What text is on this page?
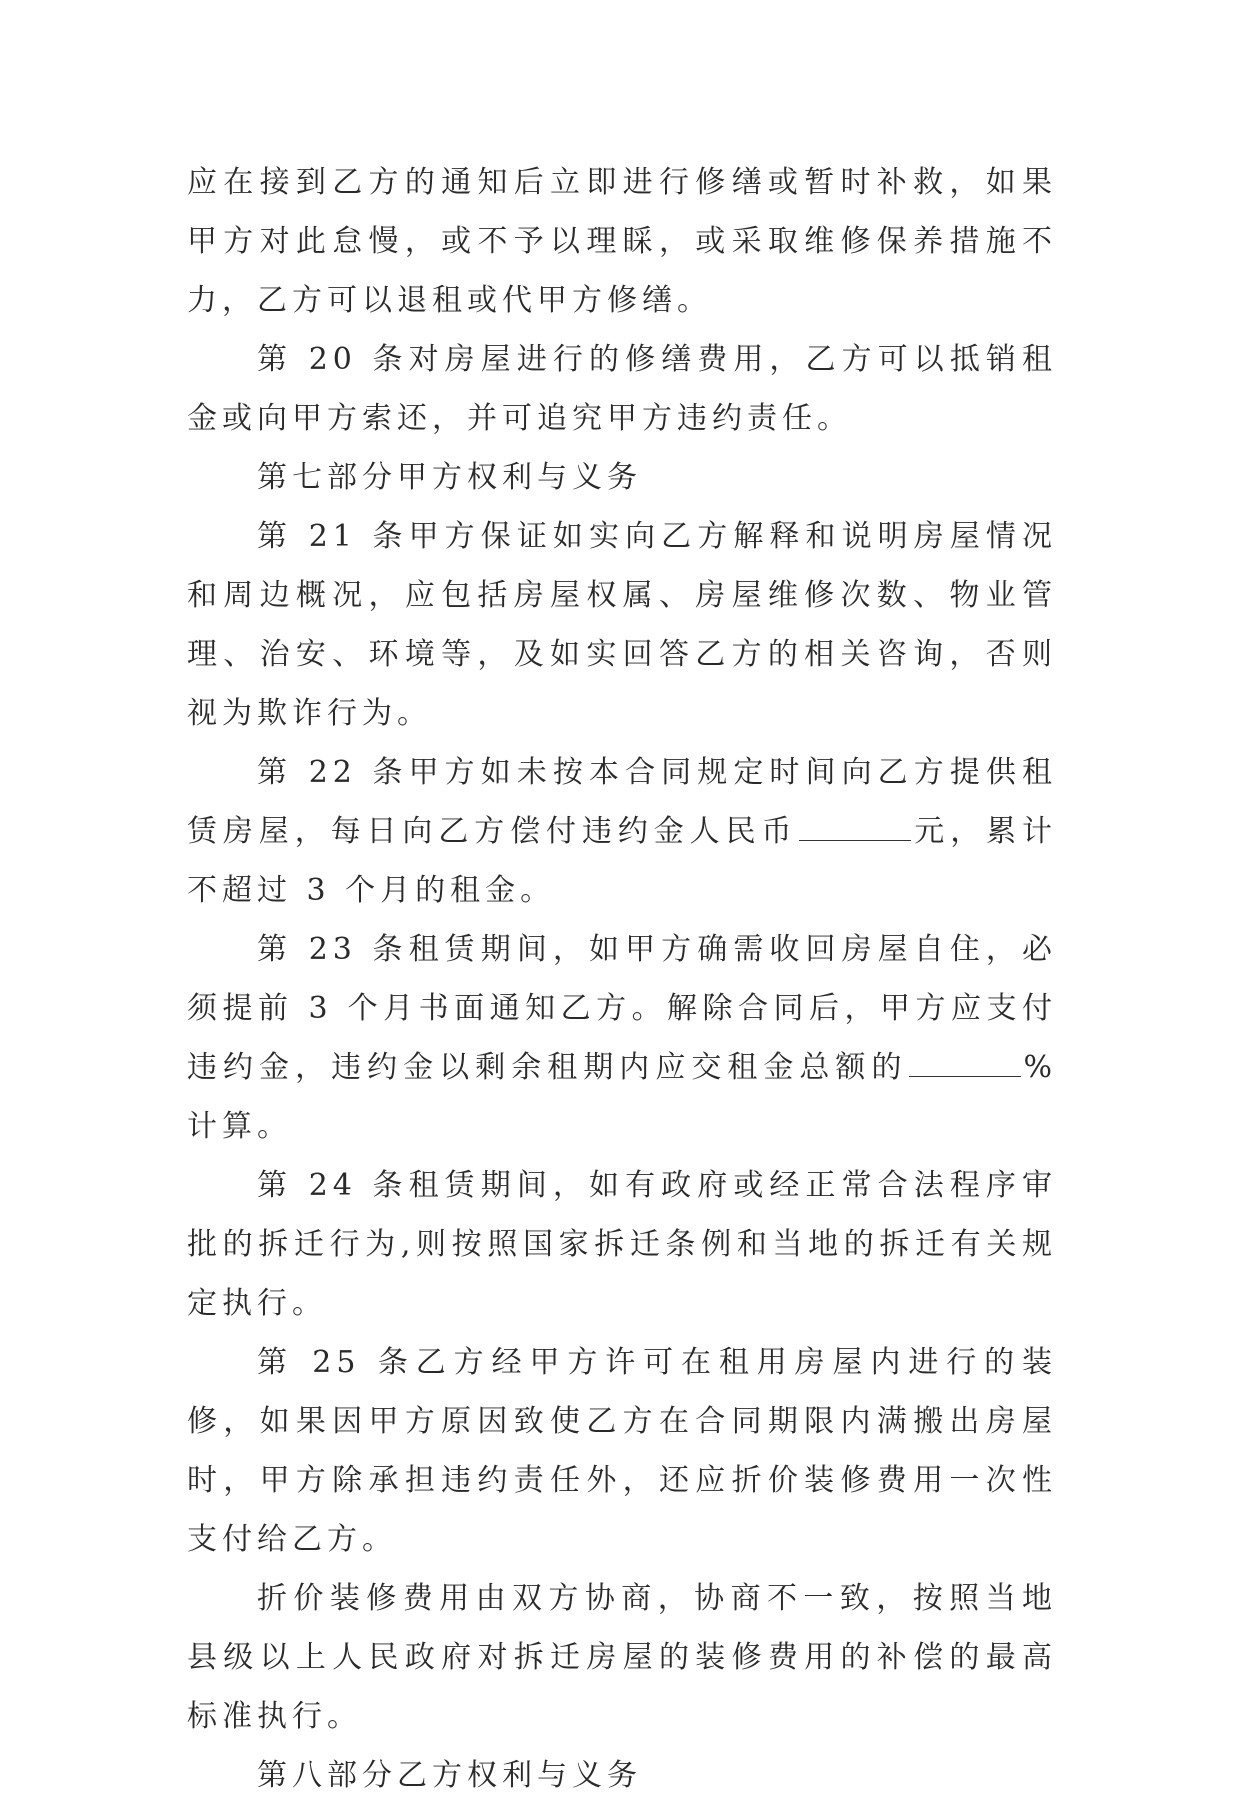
应在接到乙方的通知后立即进行修缮或暂时补救，如果甲方对此怠慢，或不予以理睬，或采取维修保养措施不力，乙方可以退租或代甲方修缮。

第 20 条对房屋进行的修缮费用，乙方可以抵销租金或向甲方索还，并可追究甲方违约责任。

第七部分甲方权利与义务

第 21 条甲方保证如实向乙方解释和说明房屋情况和周边概况，应包括房屋权属、房屋维修次数、物业管理、治安、环境等，及如实回答乙方的相关咨询，否则视为欺诈行为。

第 22 条甲方如未按本合同规定时间向乙方提供租赁房屋，每日向乙方偿付违约金人民币	元，累计不超过 3 个月的租金。

第 23 条租赁期间，如甲方确需收回房屋自住，必须提前 3 个月书面通知乙方。解除合同后，甲方应支付违约金，违约金以剩余租期内应交租金总额的	%计算。

第 24 条租赁期间，如有政府或经正常合法程序审批的拆迁行为,则按照国家拆迁条例和当地的拆迁有关规定执行。

第 25 条乙方经甲方许可在租用房屋内进行的装修，如果因甲方原因致使乙方在合同期限内满搬出房屋时，甲方除承担违约责任外，还应折价装修费用一次性支付给乙方。

折价装修费用由双方协商，协商不一致，按照当地县级以上人民政府对拆迁房屋的装修费用的补偿的最高标准执行。

第八部分乙方权利与义务
